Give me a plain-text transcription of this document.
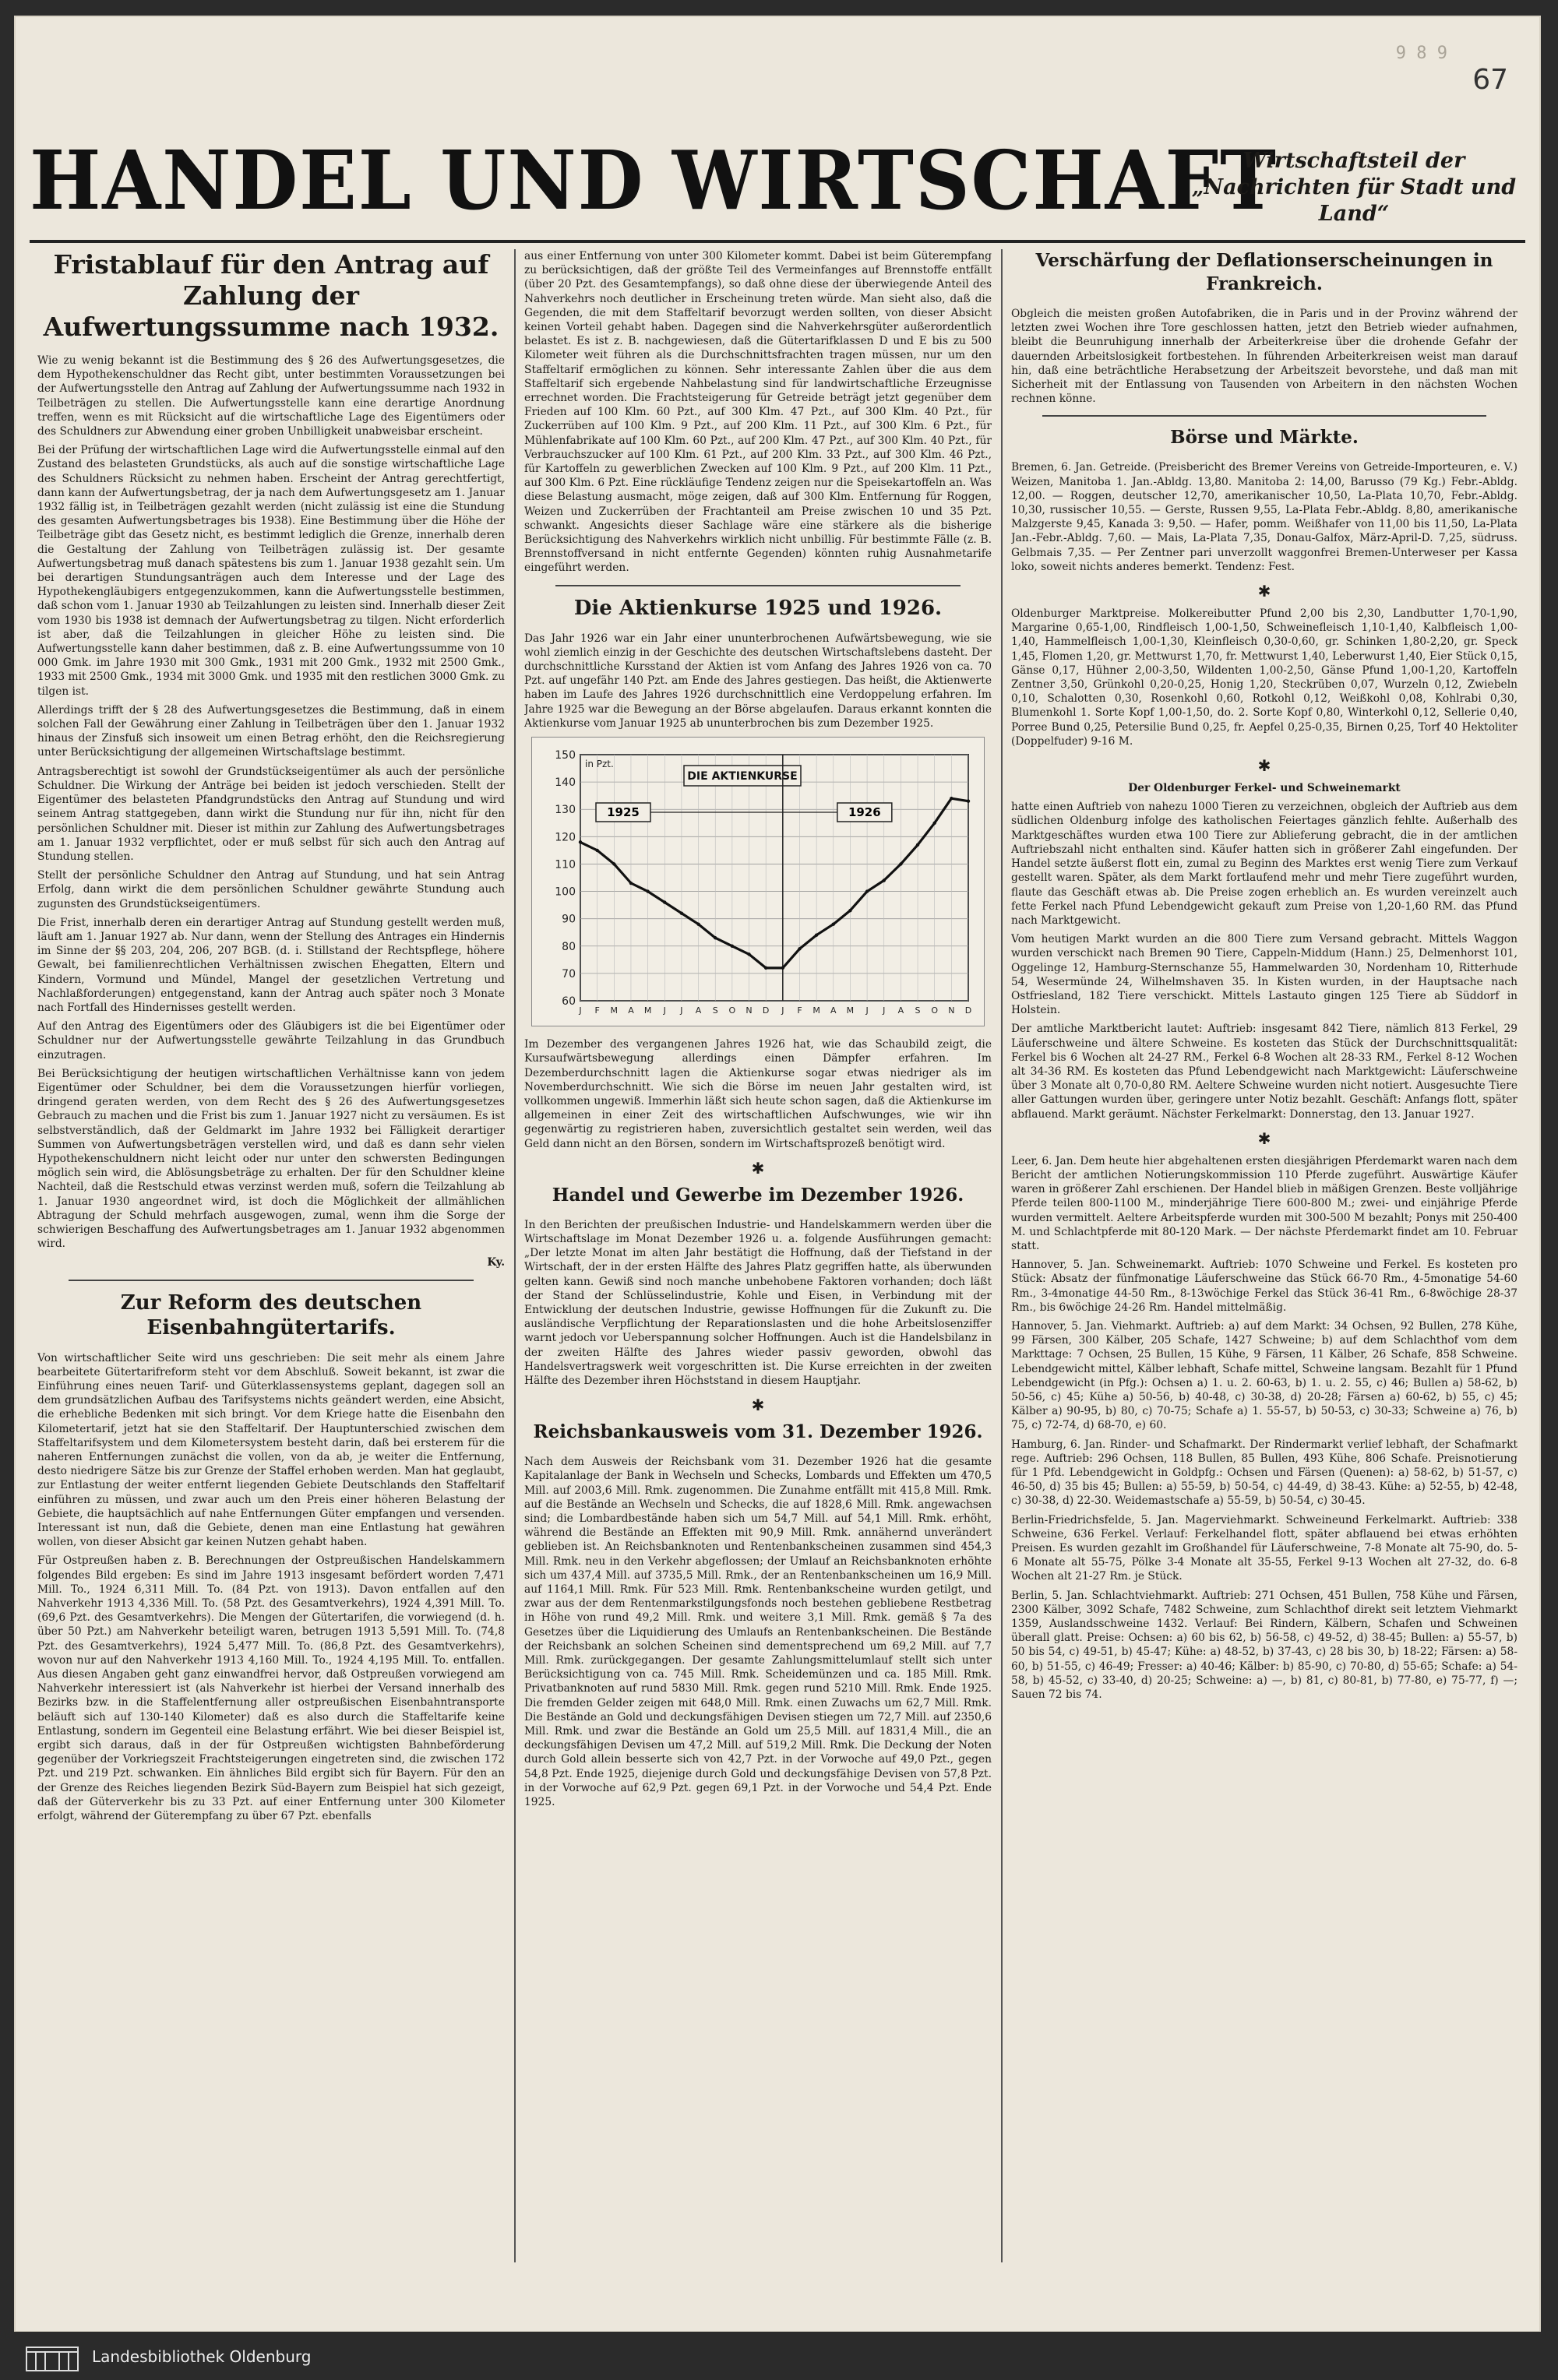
9 8 9
67
HANDEL UND WIRTSCHAFT
Wirtschaftsteil der „Nachrichten für Stadt und Land“
Fristablauf für den Antrag auf Zahlung der Aufwertungssumme nach 1932.

Wie zu wenig bekannt ist die Bestimmung des § 26 des Aufwertungsgesetzes, die dem Hypothekenschuldner das Recht gibt, unter bestimmten Voraussetzungen bei der Aufwertungsstelle den Antrag auf Zahlung der Aufwertungssumme nach 1932 in Teilbeträgen zu stellen. Die Aufwertungsstelle kann eine derartige Anordnung treffen, wenn es mit Rücksicht auf die wirtschaftliche Lage des Eigentümers oder des Schuldners zur Abwendung einer groben Unbilligkeit unabweisbar erscheint.

Bei der Prüfung der wirtschaftlichen Lage wird die Aufwertungsstelle einmal auf den Zustand des belasteten Grundstücks, als auch auf die sonstige wirtschaftliche Lage des Schuldners Rücksicht zu nehmen haben. Erscheint der Antrag gerechtfertigt, dann kann der Aufwertungsbetrag, der ja nach dem Aufwertungsgesetz am 1. Januar 1932 fällig ist, in Teilbeträgen gezahlt werden (nicht zulässig ist eine die Stundung des gesamten Aufwertungsbetrages bis 1938). Eine Bestimmung über die Höhe der Teilbeträge gibt das Gesetz nicht, es bestimmt lediglich die Grenze, innerhalb deren die Gestaltung der Zahlung von Teilbeträgen zulässig ist. Der gesamte Aufwertungsbetrag muß danach spätestens bis zum 1. Januar 1938 gezahlt sein. Um bei derartigen Stundungsanträgen auch dem Interesse und der Lage des Hypothekengläubigers entgegenzukommen, kann die Aufwertungsstelle bestimmen, daß schon vom 1. Januar 1930 ab Teilzahlungen zu leisten sind. Innerhalb dieser Zeit vom 1930 bis 1938 ist demnach der Aufwertungsbetrag zu tilgen. Nicht erforderlich ist aber, daß die Teilzahlungen in gleicher Höhe zu leisten sind. Die Aufwertungsstelle kann daher bestimmen, daß z. B. eine Aufwertungssumme von 10 000 Gmk. im Jahre 1930 mit 300 Gmk., 1931 mit 200 Gmk., 1932 mit 2500 Gmk., 1933 mit 2500 Gmk., 1934 mit 3000 Gmk. und 1935 mit den restlichen 3000 Gmk. zu tilgen ist.

Allerdings trifft der § 28 des Aufwertungsgesetzes die Bestimmung, daß in einem solchen Fall der Gewährung einer Zahlung in Teilbeträgen über den 1. Januar 1932 hinaus der Zinsfuß sich insoweit um einen Betrag erhöht, den die Reichsregierung unter Berücksichtigung der allgemeinen Wirtschaftslage bestimmt.

Antragsberechtigt ist sowohl der Grundstückseigentümer als auch der persönliche Schuldner. Die Wirkung der Anträge bei beiden ist jedoch verschieden. Stellt der Eigentümer des belasteten Pfandgrundstücks den Antrag auf Stundung und wird seinem Antrag stattgegeben, dann wirkt die Stundung nur für ihn, nicht für den persönlichen Schuldner mit. Dieser ist mithin zur Zahlung des Aufwertungsbetrages am 1. Januar 1932 verpflichtet, oder er muß selbst für sich auch den Antrag auf Stundung stellen.

Stellt der persönliche Schuldner den Antrag auf Stundung, und hat sein Antrag Erfolg, dann wirkt die dem persönlichen Schuldner gewährte Stundung auch zugunsten des Grundstückseigentümers.

Die Frist, innerhalb deren ein derartiger Antrag auf Stundung gestellt werden muß, läuft am 1. Januar 1927 ab. Nur dann, wenn der Stellung des Antrages ein Hindernis im Sinne der §§ 203, 204, 206, 207 BGB. (d. i. Stillstand der Rechtspflege, höhere Gewalt, bei familienrechtlichen Verhältnissen zwischen Ehegatten, Eltern und Kindern, Vormund und Mündel, Mangel der gesetzlichen Vertretung und Nachlaßforderungen) entgegenstand, kann der Antrag auch später noch 3 Monate nach Fortfall des Hindernisses gestellt werden.

Auf den Antrag des Eigentümers oder des Gläubigers ist die bei Eigentümer oder Schuldner nur der Aufwertungsstelle gewährte Teilzahlung in das Grundbuch einzutragen.

Bei Berücksichtigung der heutigen wirtschaftlichen Verhältnisse kann von jedem Eigentümer oder Schuldner, bei dem die Voraussetzungen hierfür vorliegen, dringend geraten werden, von dem Recht des § 26 des Aufwertungsgesetzes Gebrauch zu machen und die Frist bis zum 1. Januar 1927 nicht zu versäumen. Es ist selbstverständlich, daß der Geldmarkt im Jahre 1932 bei Fälligkeit derartiger Summen von Aufwertungsbeträgen verstellen wird, und daß es dann sehr vielen Hypothekenschuldnern nicht leicht oder nur unter den schwersten Bedingungen möglich sein wird, die Ablösungsbeträge zu erhalten. Der für den Schuldner kleine Nachteil, daß die Restschuld etwas verzinst werden muß, sofern die Teilzahlung ab 1. Januar 1930 angeordnet wird, ist doch die Möglichkeit der allmählichen Abtragung der Schuld mehrfach ausgewogen, zumal, wenn ihm die Sorge der schwierigen Beschaffung des Aufwertungsbetrages am 1. Januar 1932 abgenommen wird.

Ky.

Zur Reform des deutschen Eisenbahngütertarifs.

Von wirtschaftlicher Seite wird uns geschrieben: Die seit mehr als einem Jahre bearbeitete Gütertarifreform steht vor dem Abschluß. Soweit bekannt, ist zwar die Einführung eines neuen Tarif- und Güterklassensystems geplant, dagegen soll an dem grundsätzlichen Aufbau des Tarifsystems nichts geändert werden, eine Absicht, die erhebliche Bedenken mit sich bringt. Vor dem Kriege hatte die Eisenbahn den Kilometertarif, jetzt hat sie den Staffeltarif. Der Hauptunterschied zwischen dem Staffeltarifsystem und dem Kilometersystem besteht darin, daß bei ersterem für die naheren Entfernungen zunächst die vollen, von da ab, je weiter die Entfernung, desto niedrigere Sätze bis zur Grenze der Staffel erhoben werden. Man hat geglaubt, zur Entlastung der weiter entfernt liegenden Gebiete Deutschlands den Staffeltarif einführen zu müssen, und zwar auch um den Preis einer höheren Belastung der Gebiete, die hauptsächlich auf nahe Entfernungen Güter empfangen und versenden. Interessant ist nun, daß die Gebiete, denen man eine Entlastung hat gewähren wollen, von dieser Absicht gar keinen Nutzen gehabt haben.

Für Ostpreußen haben z. B. Berechnungen der Ostpreußischen Handelskammern folgendes Bild ergeben: Es sind im Jahre 1913 insgesamt befördert worden 7,471 Mill. To., 1924 6,311 Mill. To. (84 Pzt. von 1913). Davon entfallen auf den Nahverkehr 1913 4,336 Mill. To. (58 Pzt. des Gesamtverkehrs), 1924 4,391 Mill. To. (69,6 Pzt. des Gesamtverkehrs). Die Mengen der Gütertarifen, die vorwiegend (d. h. über 50 Pzt.) am Nahverkehr beteiligt waren, betrugen 1913 5,591 Mill. To. (74,8 Pzt. des Gesamtverkehrs), 1924 5,477 Mill. To. (86,8 Pzt. des Gesamtverkehrs), wovon nur auf den Nahverkehr 1913 4,160 Mill. To., 1924 4,195 Mill. To. entfallen. Aus diesen Angaben geht ganz einwandfrei hervor, daß Ostpreußen vorwiegend am Nahverkehr interessiert ist (als Nahverkehr ist hierbei der Versand innerhalb des Bezirks bzw. in die Staffelentfernung aller ostpreußischen Eisenbahntransporte beläuft sich auf 130-140 Kilometer) daß es also durch die Staffeltarife keine Entlastung, sondern im Gegenteil eine Belastung erfährt. Wie bei dieser Beispiel ist, ergibt sich daraus, daß in der für Ostpreußen wichtigsten Bahnbeförderung gegenüber der Vorkriegszeit Frachtsteigerungen eingetreten sind, die zwischen 172 Pzt. und 219 Pzt. schwanken. Ein ähnliches Bild ergibt sich für Bayern. Für den an der Grenze des Reiches liegenden Bezirk Süd-Bayern zum Beispiel hat sich gezeigt, daß der Güterverkehr bis zu 33 Pzt. auf einer Entfernung unter 300 Kilometer erfolgt, während der Güterempfang zu über 67 Pzt. ebenfalls

aus einer Entfernung von unter 300 Kilometer kommt. Dabei ist beim Güterempfang zu berücksichtigen, daß der größte Teil des Vermeinfanges auf Brennstoffe entfällt (über 20 Pzt. des Gesamtempfangs), so daß ohne diese der überwiegende Anteil des Nahverkehrs noch deutlicher in Erscheinung treten würde. Man sieht also, daß die Gegenden, die mit dem Staffeltarif bevorzugt werden sollten, von dieser Absicht keinen Vorteil gehabt haben. Dagegen sind die Nahverkehrsgüter außerordentlich belastet. Es ist z. B. nachgewiesen, daß die Gütertarifklassen D und E bis zu 500 Kilometer weit führen als die Durchschnittsfrachten tragen müssen, nur um den Staffeltarif ermöglichen zu können. Sehr interessante Zahlen über die aus dem Staffeltarif sich ergebende Nahbelastung sind für landwirtschaftliche Erzeugnisse errechnet worden. Die Frachtsteigerung für Getreide beträgt jetzt gegenüber dem Frieden auf 100 Klm. 60 Pzt., auf 300 Klm. 47 Pzt., auf 300 Klm. 40 Pzt., für Zuckerrüben auf 100 Klm. 9 Pzt., auf 200 Klm. 11 Pzt., auf 300 Klm. 6 Pzt., für Mühlenfabrikate auf 100 Klm. 60 Pzt., auf 200 Klm. 47 Pzt., auf 300 Klm. 40 Pzt., für Verbrauchszucker auf 100 Klm. 61 Pzt., auf 200 Klm. 33 Pzt., auf 300 Klm. 46 Pzt., für Kartoffeln zu gewerblichen Zwecken auf 100 Klm. 9 Pzt., auf 200 Klm. 11 Pzt., auf 300 Klm. 6 Pzt. Eine rückläufige Tendenz zeigen nur die Speisekartoffeln an. Was diese Belastung ausmacht, möge zeigen, daß auf 300 Klm. Entfernung für Roggen, Weizen und Zuckerrüben der Frachtanteil am Preise zwischen 10 und 35 Pzt. schwankt. Angesichts dieser Sachlage wäre eine stärkere als die bisherige Berücksichtigung des Nahverkehrs wirklich nicht unbillig. Für bestimmte Fälle (z. B. Brennstoffversand in nicht entfernte Gegenden) könnten ruhig Ausnahmetarife eingeführt werden.

Die Aktienkurse 1925 und 1926.

Das Jahr 1926 war ein Jahr einer ununterbrochenen Aufwärtsbewegung, wie sie wohl ziemlich einzig in der Geschichte des deutschen Wirtschaftslebens dasteht. Der durchschnittliche Kursstand der Aktien ist vom Anfang des Jahres 1926 von ca. 70 Pzt. auf ungefähr 140 Pzt. am Ende des Jahres gestiegen. Das heißt, die Aktienwerte haben im Laufe des Jahres 1926 durchschnittlich eine Verdoppelung erfahren. Im Jahre 1925 war die Bewegung an der Börse abgelaufen. Daraus erkannt konnten die Aktienkurse vom Januar 1925 ab ununterbrochen bis zum Dezember 1925.

60
70
80
90
100
110
120
130
140
150
J F M A M J J A S O N D J F M A M J J A S O N D
in Pzt.
DIE AKTIENKURSE
1925	1926

Im Dezember des vergangenen Jahres 1926 hat, wie das Schaubild zeigt, die Kursaufwärtsbewegung allerdings einen Dämpfer erfahren. Im Dezemberdurchschnitt lagen die Aktienkurse sogar etwas niedriger als im Novemberdurchschnitt. Wie sich die Börse im neuen Jahr gestalten wird, ist vollkommen ungewiß. Immerhin läßt sich heute schon sagen, daß die Aktienkurse im allgemeinen in einer Zeit des wirtschaftlichen Aufschwunges, wie wir ihn gegenwärtig zu registrieren haben, zuversichtlich gestaltet sein werden, weil das Geld dann nicht an den Börsen, sondern im Wirtschaftsprozeß benötigt wird.

✱
Handel und Gewerbe im Dezember 1926.

In den Berichten der preußischen Industrie- und Handelskammern werden über die Wirtschaftslage im Monat Dezember 1926 u. a. folgende Ausführungen gemacht: „Der letzte Monat im alten Jahr bestätigt die Hoffnung, daß der Tiefstand in der Wirtschaft, der in der ersten Hälfte des Jahres Platz gegriffen hatte, als überwunden gelten kann. Gewiß sind noch manche unbehobene Faktoren vorhanden; doch läßt der Stand der Schlüsselindustrie, Kohle und Eisen, in Verbindung mit der Entwicklung der deutschen Industrie, gewisse Hoffnungen für die Zukunft zu. Die ausländische Verpflichtung der Reparationslasten und die hohe Arbeitslosenziffer warnt jedoch vor Ueberspannung solcher Hoffnungen. Auch ist die Handelsbilanz in der zweiten Hälfte des Jahres wieder passiv geworden, obwohl das Handelsvertragswerk weit vorgeschritten ist. Die Kurse erreichten in der zweiten Hälfte des Dezember ihren Höchststand in diesem Hauptjahr.

✱
Reichsbankausweis vom 31. Dezember 1926.

Nach dem Ausweis der Reichsbank vom 31. Dezember 1926 hat die gesamte Kapitalanlage der Bank in Wechseln und Schecks, Lombards und Effekten um 470,5 Mill. auf 2003,6 Mill. Rmk. zugenommen. Die Zunahme entfällt mit 415,8 Mill. Rmk. auf die Bestände an Wechseln und Schecks, die auf 1828,6 Mill. Rmk. angewachsen sind; die Lombardbestände haben sich um 54,7 Mill. auf 54,1 Mill. Rmk. erhöht, während die Bestände an Effekten mit 90,9 Mill. Rmk. annähernd unverändert geblieben ist. An Reichsbanknoten und Rentenbankscheinen zusammen sind 454,3 Mill. Rmk. neu in den Verkehr abgeflossen; der Umlauf an Reichsbanknoten erhöhte sich um 437,4 Mill. auf 3735,5 Mill. Rmk., der an Rentenbankscheinen um 16,9 Mill. auf 1164,1 Mill. Rmk. Für 523 Mill. Rmk. Rentenbankscheine wurden getilgt, und zwar aus der dem Rentenmarkstilgungsfonds noch bestehen gebliebene Restbetrag in Höhe von rund 49,2 Mill. Rmk. und weitere 3,1 Mill. Rmk. gemäß § 7a des Gesetzes über die Liquidierung des Umlaufs an Rentenbankscheinen. Die Bestände der Reichsbank an solchen Scheinen sind dementsprechend um 69,2 Mill. auf 7,7 Mill. Rmk. zurückgegangen. Der gesamte Zahlungsmittelumlauf stellt sich unter Berücksichtigung von ca. 745 Mill. Rmk. Scheidemünzen und ca. 185 Mill. Rmk. Privatbanknoten auf rund 5830 Mill. Rmk. gegen rund 5210 Mill. Rmk. Ende 1925. Die fremden Gelder zeigen mit 648,0 Mill. Rmk. einen Zuwachs um 62,7 Mill. Rmk. Die Bestände an Gold und deckungsfähigen Devisen stiegen um 72,7 Mill. auf 2350,6 Mill. Rmk. und zwar die Bestände an Gold um 25,5 Mill. auf 1831,4 Mill., die an deckungsfähigen Devisen um 47,2 Mill. auf 519,2 Mill. Rmk. Die Deckung der Noten durch Gold allein besserte sich von 42,7 Pzt. in der Vorwoche auf 49,0 Pzt., gegen 54,8 Pzt. Ende 1925, diejenige durch Gold und deckungsfähige Devisen von 57,8 Pzt. in der Vorwoche auf 62,9 Pzt. gegen 69,1 Pzt. in der Vorwoche und 54,4 Pzt. Ende 1925.

Verschärfung der Deflationserscheinungen in Frankreich.

Obgleich die meisten großen Autofabriken, die in Paris und in der Provinz während der letzten zwei Wochen ihre Tore geschlossen hatten, jetzt den Betrieb wieder aufnahmen, bleibt die Beunruhigung innerhalb der Arbeiterkreise über die drohende Gefahr der dauernden Arbeitslosigkeit fortbestehen. In führenden Arbeiterkreisen weist man darauf hin, daß eine beträchtliche Herabsetzung der Arbeitszeit bevorstehe, und daß man mit Sicherheit mit der Entlassung von Tausenden von Arbeitern in den nächsten Wochen rechnen könne.

Börse und Märkte.

Bremen, 6. Jan. Getreide. (Preisbericht des Bremer Vereins von Getreide-Importeuren, e. V.) Weizen, Manitoba 1. Jan.-Abldg. 13,80. Manitoba 2: 14,00, Barusso (79 Kg.) Febr.-Abldg. 12,00. — Roggen, deutscher 12,70, amerikanischer 10,50, La-Plata 10,70, Febr.-Abldg. 10,30, russischer 10,55. — Gerste, Russen 9,55, La-Plata Febr.-Abldg. 8,80, amerikanische Malzgerste 9,45, Kanada 3: 9,50. — Hafer, pomm. Weißhafer von 11,00 bis 11,50, La-Plata Jan.-Febr.-Abldg. 7,60. — Mais, La-Plata 7,35, Donau-Galfox, März-April-D. 7,25, südruss. Gelbmais 7,35. — Per Zentner pari unverzollt waggonfrei Bremen-Unterweser per Kassa loko, soweit nichts anderes bemerkt. Tendenz: Fest.

✱

Oldenburger Marktpreise. Molkereibutter Pfund 2,00 bis 2,30, Landbutter 1,70-1,90, Margarine 0,65-1,00, Rindfleisch 1,00-1,50, Schweinefleisch 1,10-1,40, Kalbfleisch 1,00-1,40, Hammelfleisch 1,00-1,30, Kleinfleisch 0,30-0,60, gr. Schinken 1,80-2,20, gr. Speck 1,45, Flomen 1,20, gr. Mettwurst 1,70, fr. Mettwurst 1,40, Leberwurst 1,40, Eier Stück 0,15, Gänse 0,17, Hühner 2,00-3,50, Wildenten 1,00-2,50, Gänse Pfund 1,00-1,20, Kartoffeln Zentner 3,50, Grünkohl 0,20-0,25, Honig 1,20, Steckrüben 0,07, Wurzeln 0,12, Zwiebeln 0,10, Schalotten 0,30, Rosenkohl 0,60, Rotkohl 0,12, Weißkohl 0,08, Kohlrabi 0,30, Blumenkohl 1. Sorte Kopf 1,00-1,50, do. 2. Sorte Kopf 0,80, Winterkohl 0,12, Sellerie 0,40, Porree Bund 0,25, Petersilie Bund 0,25, fr. Aepfel 0,25-0,35, Birnen 0,25, Torf 40 Hektoliter (Doppelfuder) 9-16 M.

✱

Der Oldenburger Ferkel- und Schweinemarkt

hatte einen Auftrieb von nahezu 1000 Tieren zu verzeichnen, obgleich der Auftrieb aus dem südlichen Oldenburg infolge des katholischen Feiertages gänzlich fehlte. Außerhalb des Marktgeschäftes wurden etwa 100 Tiere zur Ablieferung gebracht, die in der amtlichen Auftriebszahl nicht enthalten sind. Käufer hatten sich in größerer Zahl eingefunden. Der Handel setzte äußerst flott ein, zumal zu Beginn des Marktes erst wenig Tiere zum Verkauf gestellt waren. Später, als dem Markt fortlaufend mehr und mehr Tiere zugeführt wurden, flaute das Geschäft etwas ab. Die Preise zogen erheblich an. Es wurden vereinzelt auch fette Ferkel nach Pfund Lebendgewicht gekauft zum Preise von 1,20-1,60 RM. das Pfund nach Marktgewicht.

Vom heutigen Markt wurden an die 800 Tiere zum Versand gebracht. Mittels Waggon wurden verschickt nach Bremen 90 Tiere, Cappeln-Middum (Hann.) 25, Delmenhorst 101, Oggelinge 12, Hamburg-Sternschanze 55, Hammelwarden 30, Nordenham 10, Ritterhude 54, Wesermünde 24, Wilhelmshaven 35. In Kisten wurden, in der Hauptsache nach Ostfriesland, 182 Tiere verschickt. Mittels Lastauto gingen 125 Tiere ab Süddorf in Holstein.

Der amtliche Marktbericht lautet: Auftrieb: insgesamt 842 Tiere, nämlich 813 Ferkel, 29 Läuferschweine und ältere Schweine. Es kosteten das Stück der Durchschnittsqualität: Ferkel bis 6 Wochen alt 24-27 RM., Ferkel 6-8 Wochen alt 28-33 RM., Ferkel 8-12 Wochen alt 34-36 RM. Es kosteten das Pfund Lebendgewicht nach Marktgewicht: Läuferschweine über 3 Monate alt 0,70-0,80 RM. Aeltere Schweine wurden nicht notiert. Ausgesuchte Tiere aller Gattungen wurden über, geringere unter Notiz bezahlt. Geschäft: Anfangs flott, später abflauend. Markt geräumt. Nächster Ferkelmarkt: Donnerstag, den 13. Januar 1927.

✱

Leer, 6. Jan. Dem heute hier abgehaltenen ersten diesjährigen Pferdemarkt waren nach dem Bericht der amtlichen Notierungskommission 110 Pferde zugeführt. Auswärtige Käufer waren in größerer Zahl erschienen. Der Handel blieb in mäßigen Grenzen. Beste volljährige Pferde teilen 800-1100 M., minderjährige Tiere 600-800 M.; zwei- und einjährige Pferde wurden vermittelt. Aeltere Arbeitspferde wurden mit 300-500 M bezahlt; Ponys mit 250-400 M. und Schlachtpferde mit 80-120 Mark. — Der nächste Pferdemarkt findet am 10. Februar statt.

Hannover, 5. Jan. Schweinemarkt. Auftrieb: 1070 Schweine und Ferkel. Es kosteten pro Stück: Absatz der fünfmonatige Läuferschweine das Stück 66-70 Rm., 4-5monatige 54-60 Rm., 3-4monatige 44-50 Rm., 8-13wöchige Ferkel das Stück 36-41 Rm., 6-8wöchige 28-37 Rm., bis 6wöchige 24-26 Rm. Handel mittelmäßig.

Hannover, 5. Jan. Viehmarkt. Auftrieb: a) auf dem Markt: 34 Ochsen, 92 Bullen, 278 Kühe, 99 Färsen, 300 Kälber, 205 Schafe, 1427 Schweine; b) auf dem Schlachthof vom dem Markttage: 7 Ochsen, 25 Bullen, 15 Kühe, 9 Färsen, 11 Kälber, 26 Schafe, 858 Schweine. Lebendgewicht mittel, Kälber lebhaft, Schafe mittel, Schweine langsam. Bezahlt für 1 Pfund Lebendgewicht (in Pfg.): Ochsen a) 1. u. 2. 60-63, b) 1. u. 2. 55, c) 46; Bullen a) 58-62, b) 50-56, c) 45; Kühe a) 50-56, b) 40-48, c) 30-38, d) 20-28; Färsen a) 60-62, b) 55, c) 45; Kälber a) 90-95, b) 80, c) 70-75; Schafe a) 1. 55-57, b) 50-53, c) 30-33; Schweine a) 76, b) 75, c) 72-74, d) 68-70, e) 60.

Hamburg, 6. Jan. Rinder- und Schafmarkt. Der Rindermarkt verlief lebhaft, der Schafmarkt rege. Auftrieb: 296 Ochsen, 118 Bullen, 85 Bullen, 493 Kühe, 806 Schafe. Preisnotierung für 1 Pfd. Lebendgewicht in Goldpfg.: Ochsen und Färsen (Quenen): a) 58-62, b) 51-57, c) 46-50, d) 35 bis 45; Bullen: a) 55-59, b) 50-54, c) 44-49, d) 38-43. Kühe: a) 52-55, b) 42-48, c) 30-38, d) 22-30. Weidemastschafe a) 55-59, b) 50-54, c) 30-45.

Berlin-Friedrichsfelde, 5. Jan. Magerviehmarkt. Schweineund Ferkelmarkt. Auftrieb: 338 Schweine, 636 Ferkel. Verlauf: Ferkelhandel flott, später abflauend bei etwas erhöhten Preisen. Es wurden gezahlt im Großhandel für Läuferschweine, 7-8 Monate alt 75-90, do. 5-6 Monate alt 55-75, Pölke 3-4 Monate alt 35-55, Ferkel 9-13 Wochen alt 27-32, do. 6-8 Wochen alt 21-27 Rm. je Stück.

Berlin, 5. Jan. Schlachtviehmarkt. Auftrieb: 271 Ochsen, 451 Bullen, 758 Kühe und Färsen, 2300 Kälber, 3092 Schafe, 7482 Schweine, zum Schlachthof direkt seit letztem Viehmarkt 1359, Auslandsschweine 1432. Verlauf: Bei Rindern, Kälbern, Schafen und Schweinen überall glatt. Preise: Ochsen: a) 60 bis 62, b) 56-58, c) 49-52, d) 38-45; Bullen: a) 55-57, b) 50 bis 54, c) 49-51, b) 45-47; Kühe: a) 48-52, b) 37-43, c) 28 bis 30, b) 18-22; Färsen: a) 58-60, b) 51-55, c) 46-49; Fresser: a) 40-46; Kälber: b) 85-90, c) 70-80, d) 55-65; Schafe: a) 54-58, b) 45-52, c) 33-40, d) 20-25; Schweine: a) —, b) 81, c) 80-81, b) 77-80, e) 75-77, f) —; Sauen 72 bis 74.

Landesbibliothek Oldenburg
